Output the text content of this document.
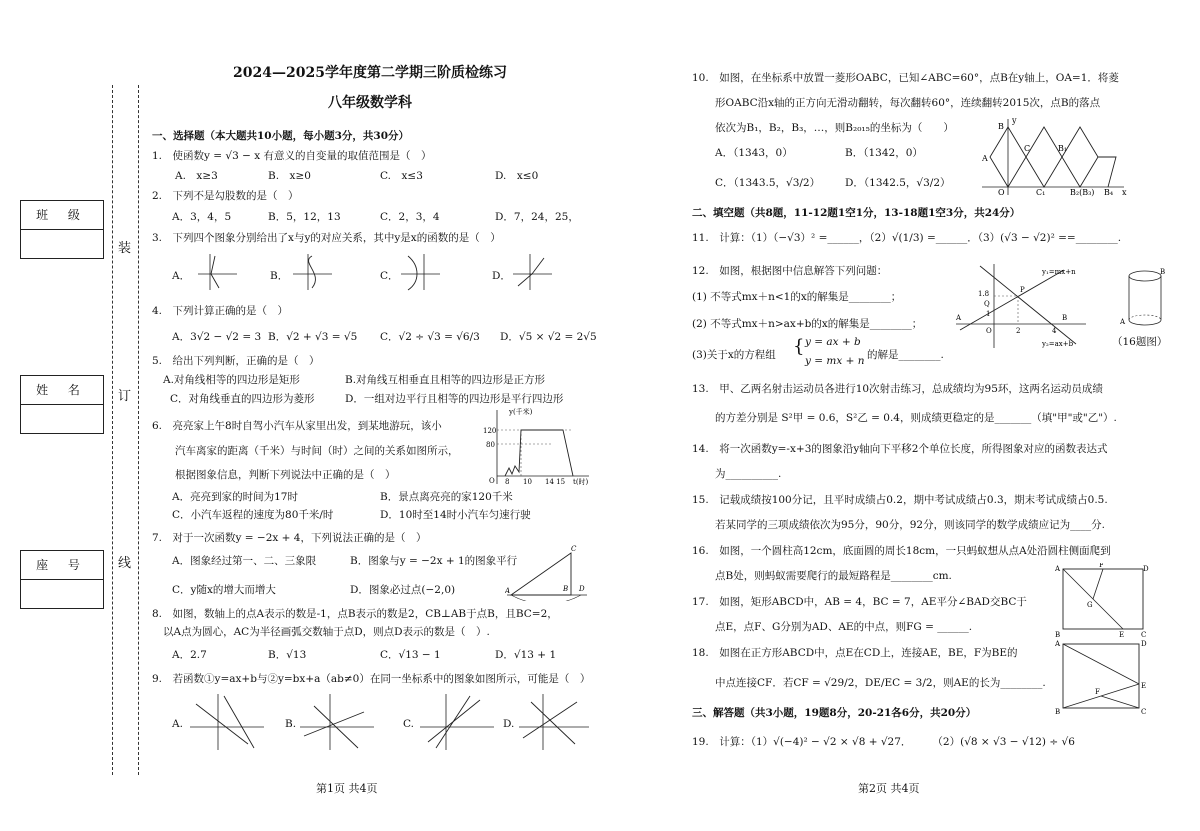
班 级
姓 名
座 号
装
订
线
2024—2025学年度第二学期三阶质检练习
八年级数学科
一、选择题（本大题共10小题，每小题3分，共30分）
1.　使函数y = √3 − x 有意义的自变量的取值范围是（　）
A.　x≥3	B.　x≥0	C.　x≤3	D.　x≤0
2.　下列不是勾股数的是（　）
A．3，4，5	B．5，12，13	C．2，3，4	D．7，24，25，
3.　下列四个图象分别给出了x与y的对应关系，其中y是x的函数的是（　）
A．	B．	C．	D．
4.　下列计算正确的是（　）
A．3√2 − √2 = 3 B．√2 + √3 = √5 C．√2 ÷ √3 = √6/3 D．√5 × √2 = 2√5
5.　给出下列判断，正确的是（　）
A.对角线相等的四边形是矩形	B.对角线互相垂直且相等的四边形是正方形
C．对角线垂直的四边形为菱形	D．一组对边平行且相等的四边形是平行四边形
6.　亮亮家上午8时自驾小汽车从家里出发，到某地游玩，该小
汽车离家的距离（千米）与时间（时）之间的关系如图所示，
根据图象信息，判断下列说法中正确的是（　）
y(千米)
120
80
O 8 10 14 15 t(时)
A．亮亮到家的时间为17时	B．景点离亮亮的家120千米
C．小汽车返程的速度为80千米/时	D．10时至14时小汽车匀速行驶
7.　对于一次函数y = −2x + 4，下列说法正确的是（　）
A．图象经过第一、二、三象限	B．图象与y = −2x + 1的图象平行
C．y随x的增大而增大	D．图象必过点(−2,0)	A
C
B D
8.　如图，数轴上的点A表示的数是-1，点B表示的数是2，CB⊥AB于点B，且BC=2，
以A点为圆心，AC为半径画弧交数轴于点D，则点D表示的数是（　）.
A．2.7	B．√13	C．√13 − 1	D．√13 + 1
9.　若函数①y=ax+b与②y=bx+a（ab≠0）在同一坐标系中的图象如图所示，可能是（　）
A.	B.	C.	D.
第1页 共4页
10.　如图，在坐标系中放置一菱形OABC，已知∠ABC=60°，点B在y轴上，OA=1．将菱
形OABC沿x轴的正方向无滑动翻转，每次翻转60°，连续翻转2015次，点B的落点
依次为B₁，B₂，B₃，…，则B₂₀₁₅的坐标为（　　）
A．（1343，0）	B．（1342，0）
C．（1343.5，√3/2） D．（1342.5，√3/2）
B
y
A
C
O
B₁
C₁	B₂(B₃) B₄ x
二、填空题（共8题，11-12题1空1分，13-18题1空3分，共24分）
11.　计算：（1）（−√3）² =______，（2）√(1/3) =______．（3）(√3 − √2)² ==________.
12.　如图，根据图中信息解答下列问题：
(1) 不等式mx＋n<1的x的解集是________；
(2) 不等式mx＋n>ax+b的x的解集是________；
(3)关于x的方程组 { y = ax + b
y = mx + n 的解是________.
y₁=mx+n
y₂=ax+b
P
Q
1.8
1
O	2	4
A	B
B
A
（16题图）
13.　甲、乙两名射击运动员各进行10次射击练习，总成绩均为95环，这两名运动员成绩
的方差分别是 S²甲 = 0.6，S²乙 = 0.4，则成绩更稳定的是_______（填"甲"或"乙"）.
14.　将一次函数y=-x+3的图象沿y轴向下平移2个单位长度，所得图象对应的函数表达式
为__________.
15.　记载成绩按100分记，且平时成绩占0.2，期中考试成绩占0.3，期末考试成绩占0.5.
若某同学的三项成绩依次为95分，90分，92分，则该同学的数学成绩应记为____分.
16.　如图，一个圆柱高12cm，底面圆的周长18cm，一只蚂蚁想从点A处沿圆柱侧面爬到
点B处，则蚂蚁需要爬行的最短路程是________cm.
A	F	D
G
B	E C
17.　如图，矩形ABCD中，AB = 4，BC = 7，AE平分∠BAD交BC于
点E，点F、G分别为AD、AE的中点，则FG = ______.
A	D
E
F
B	C
18.　如图在正方形ABCD中，点E在CD上，连接AE，BE，F为BE的
中点连接CF．若CF = √29/2，DE/EC = 3/2，则AE的长为________.
三、解答题（共3小题，19题8分，20-21各6分，共20分）
19.　计算：（1）√(−4)² − √2 × √8 + √27．　　　（2）(√8 × √3 − √12) ÷ √6
第2页 共4页
